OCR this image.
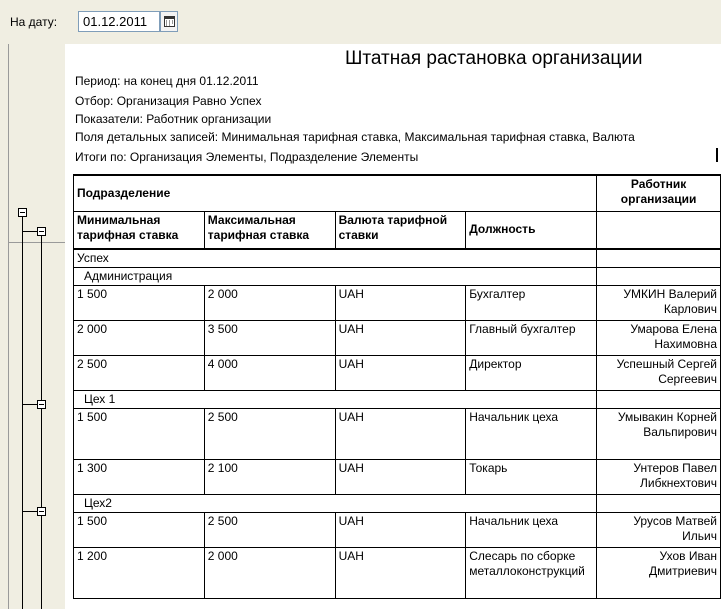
На дату:	01.12.2011
Штатная растановка организации
Период: на конец дня 01.12.2011
Отбор: Организация Равно Успех
Показатели: Работник организации
Поля детальных записей: Минимальная тарифная ставка, Максимальная тарифная ставка, Валюта
Итоги по: Организация Элементы, Подразделение Элементы
Подразделение				Работник организации
Минимальная тарифная ставка	Максимальная тарифная ставка	Валюта тарифной ставки	Должность	
Успех				
Администрация				
1 500	2 000	UAH	Бухгалтер	УМКИН Валерий Карлович
2 000	3 500	UAH	Главный бухгалтер	Умарова Елена Нахимовна
2 500	4 000	UAH	Директор	Успешный Сергей Сергеевич
Цех 1				
1 500	2 500	UAH	Начальник цеха	Умывакин Корней Вальпирович
1 300	2 100	UAH	Токарь	Унтеров Павел Либкнехтович
Цех2				
1 500	2 500	UAH	Начальник цеха	Урусов Матвей Ильич
1 200	2 000	UAH	Слесарь по сборке металлоконструкций	Ухов Иван Дмитриевич
